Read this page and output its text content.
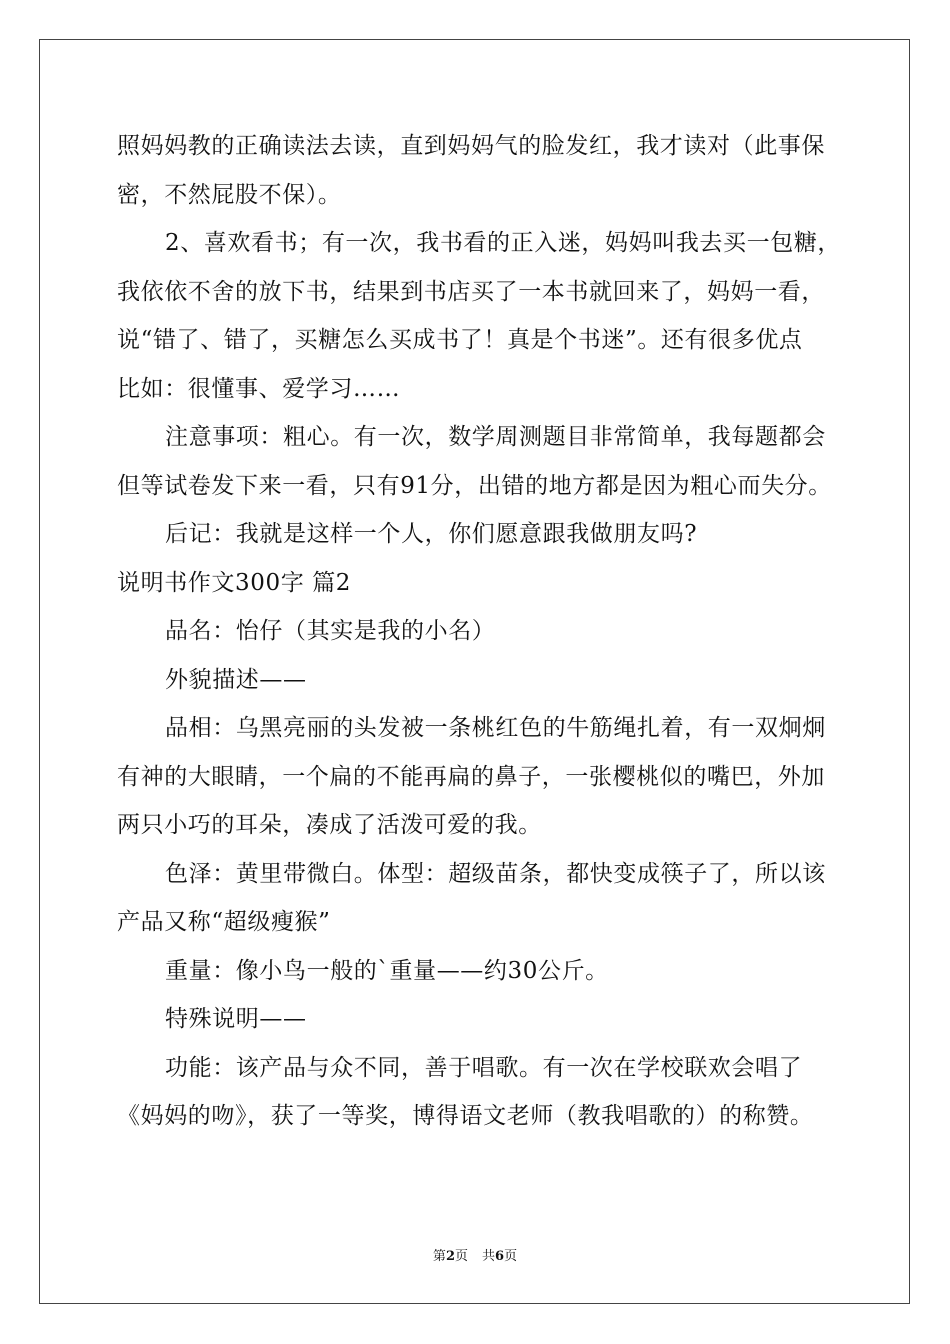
照妈妈教的正确读法去读，直到妈妈气的脸发红，我才读对（此事保
密，不然屁股不保）。
2、喜欢看书；有一次，我书看的正入迷，妈妈叫我去买一包糖，
我依依不舍的放下书，结果到书店买了一本书就回来了，妈妈一看，
说“错了、错了，买糖怎么买成书了！真是个书迷”。还有很多优点
比如：很懂事、爱学习……
注意事项：粗心。有一次，数学周测题目非常简单，我每题都会
但等试卷发下来一看，只有91分，出错的地方都是因为粗心而失分。
后记：我就是这样一个人，你们愿意跟我做朋友吗?
说明书作文300字 篇2
品名：怡仔（其实是我的小名）
外貌描述——
品相：乌黑亮丽的头发被一条桃红色的牛筋绳扎着，有一双炯炯
有神的大眼睛，一个扁的不能再扁的鼻子，一张樱桃似的嘴巴，外加
两只小巧的耳朵，凑成了活泼可爱的我。
色泽：黄里带微白。体型：超级苗条，都快变成筷子了，所以该
产品又称“超级瘦猴”
重量：像小鸟一般的`重量——约30公斤。
特殊说明——
功能：该产品与众不同，善于唱歌。有一次在学校联欢会唱了
《妈妈的吻》，获了一等奖，博得语文老师（教我唱歌的）的称赞。
第2页 共6页
